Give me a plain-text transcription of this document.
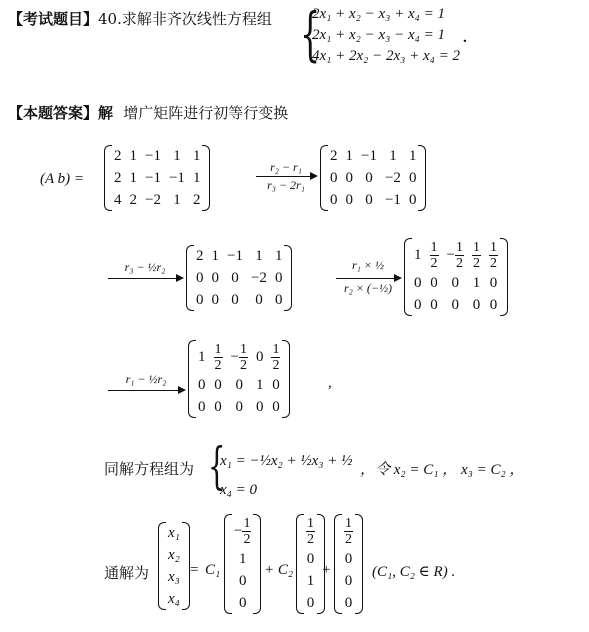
【考试题目】40.求解非齐次线性方程组 {
2x₁ + x₂ − x₃ + x₄ = 1
2x₁ + x₂ − x₃ − x₄ = 1
4x₁ + 2x₂ − 2x₃ + x₄ = 2
.
【本题答案】解 增广矩阵进行初等行变换
(A b) =
2	1	−1	1	1
2	1	−1	−1	1
4	2	−2	1	2
r₂ − r₁
r₃ − 2r₁
2	1	−1	1	1
0	0	0	−2	0
0	0	0	−1	0
r₃ − ½r₂
2	1	−1	1	1
0	0	0	−2	0
0	0	0	0	0
r₁ × ½
r₂ × (−½)
1	$\frac{1}{2}$	− $\frac{1}{2}$	$\frac{1}{2}$	$\frac{1}{2}$

0	0	0	1	0
0	0	0	0	0
r₁ − ½r₂
1	$\frac{1}{2}$	− $\frac{1}{2}$	0	$\frac{1}{2}$

0	0	0	1	0
0	0	0	0	0
,
同解方程组为 {
x₁ = −½x₂ + ½x₃ + ½
x₄ = 0
，令 x₂ = C₁ ， x₃ = C₂ ，
通解为
x₁
x₂
x₃
x₄
= C₁
− $\frac{1}{2}$

1
0
0
+ C₂
$\frac{1}{2}$

0
1
0
+
$\frac{1}{2}$

0
0
0
(C₁, C₂ ∈ R) .
